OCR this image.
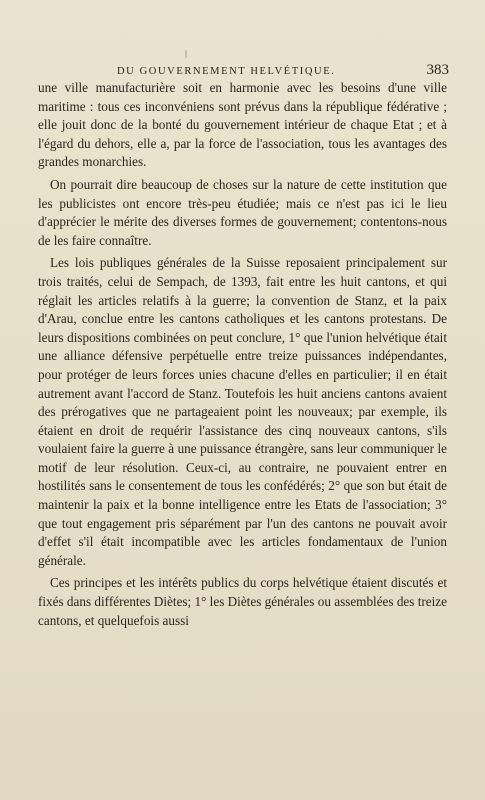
DU GOUVERNEMENT HELVÉTIQUE.	383

une ville manufacturière soit en harmonie avec les besoins d'une ville maritime : tous ces inconvéniens sont prévus dans la république fédérative ; elle jouit donc de la bonté du gouvernement intérieur de chaque Etat ; et à l'égard du dehors, elle a, par la force de l'association, tous les avantages des grandes monarchies.

On pourrait dire beaucoup de choses sur la nature de cette institution que les publicistes ont encore très-peu étudiée; mais ce n'est pas ici le lieu d'apprécier le mérite des diverses formes de gouvernement; contentons-nous de les faire connaître.

Les lois publiques générales de la Suisse reposaient principalement sur trois traités, celui de Sempach, de 1393, fait entre les huit cantons, et qui réglait les articles relatifs à la guerre; la convention de Stanz, et la paix d'Arau, conclue entre les cantons catholiques et les cantons protestans. De leurs dispositions combinées on peut conclure, 1° que l'union helvétique était une alliance défensive perpétuelle entre treize puissances indépendantes, pour protéger de leurs forces unies chacune d'elles en particulier; il en était autrement avant l'accord de Stanz. Toutefois les huit anciens cantons avaient des prérogatives que ne partageaient point les nouveaux; par exemple, ils étaient en droit de requérir l'assistance des cinq nouveaux cantons, s'ils voulaient faire la guerre à une puissance étrangère, sans leur communiquer le motif de leur résolution. Ceux-ci, au contraire, ne pouvaient entrer en hostilités sans le consentement de tous les confédérés; 2° que son but était de maintenir la paix et la bonne intelligence entre les Etats de l'association; 3° que tout engagement pris séparément par l'un des cantons ne pouvait avoir d'effet s'il était incompatible avec les articles fondamentaux de l'union générale.

Ces principes et les intérêts publics du corps helvétique étaient discutés et fixés dans différentes Diètes; 1° les Diètes générales ou assemblées des treize cantons, et quelquefois aussi
